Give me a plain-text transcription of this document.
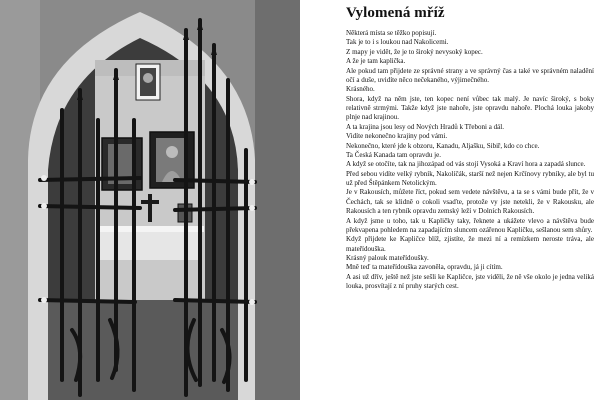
Vylomená mříž

Některá místa se těžko popisují.

Tak je to i s loukou nad Nakolicemi.

Z mapy je vidět, že je to široký nevysoký kopec.

A že je tam kaplička.

Ale pokud tam přijdete ze správné strany a ve správný čas a také ve správném naladění očí a duše, uvidíte něco nečekaného, výjimečného.

Krásného.

Shora, když na něm jste, ten kopec není vůbec tak malý. Je navíc široký, s boky relativně strmými. Takže když jste nahoře, jste opravdu nahoře. Plochá louka jakoby plnje nad krajinou.

A ta krajina jsou lesy od Nových Hradů k Třeboni a dál.

Vidíte nekonečno krajiny pod vámi.

Nekonečno, které jde k obzoru, Kanadu, Aljašku, Sibiř, kdo co chce.

Ta Česká Kanada tam opravdu je.

A když se otočíte, tak na jihozápad od vás stojí Vysoká a Kraví hora a zapadá slunce.

Před sebou vidíte velký rybník, Nakolíčák, starší než nejen Krčínovy rybníky, ale byl tu už před Štěpánkem Netolickým.

Je v Rakousích, můžete říct, pokud sem vedete návštěvu, a ta se s vámi bude přít, že v Čechách, tak se klidně o cokoli vsaďte, protože vy jste netekli, že v Rakousku, ale Rakousích a ten rybník opravdu zemský leží v Dolních Rakousích.

A když jsme u toho, tak u Kapličky taky, řeknete a ukážete vlevo a návštěva bude překvapena pohledem na zapadajícím sluncem ozářenou Kapličku, sešlanou sem shůry.

Když přijdete ke Kapličce blíž, zjistíte, že mezi ní a remízkem neroste tráva, ale mateřídouška.

Krásný palouk mateřídoušky.

Mně teď ta mateřídouška zavoněla, opravdu, já ji cítím.

A asi už dřív, ještě než jste sešli ke Kapličce, jste viděli, že ně vše okolo je jedna veliká louka, prosvítají z ní pruhy starých cest.
